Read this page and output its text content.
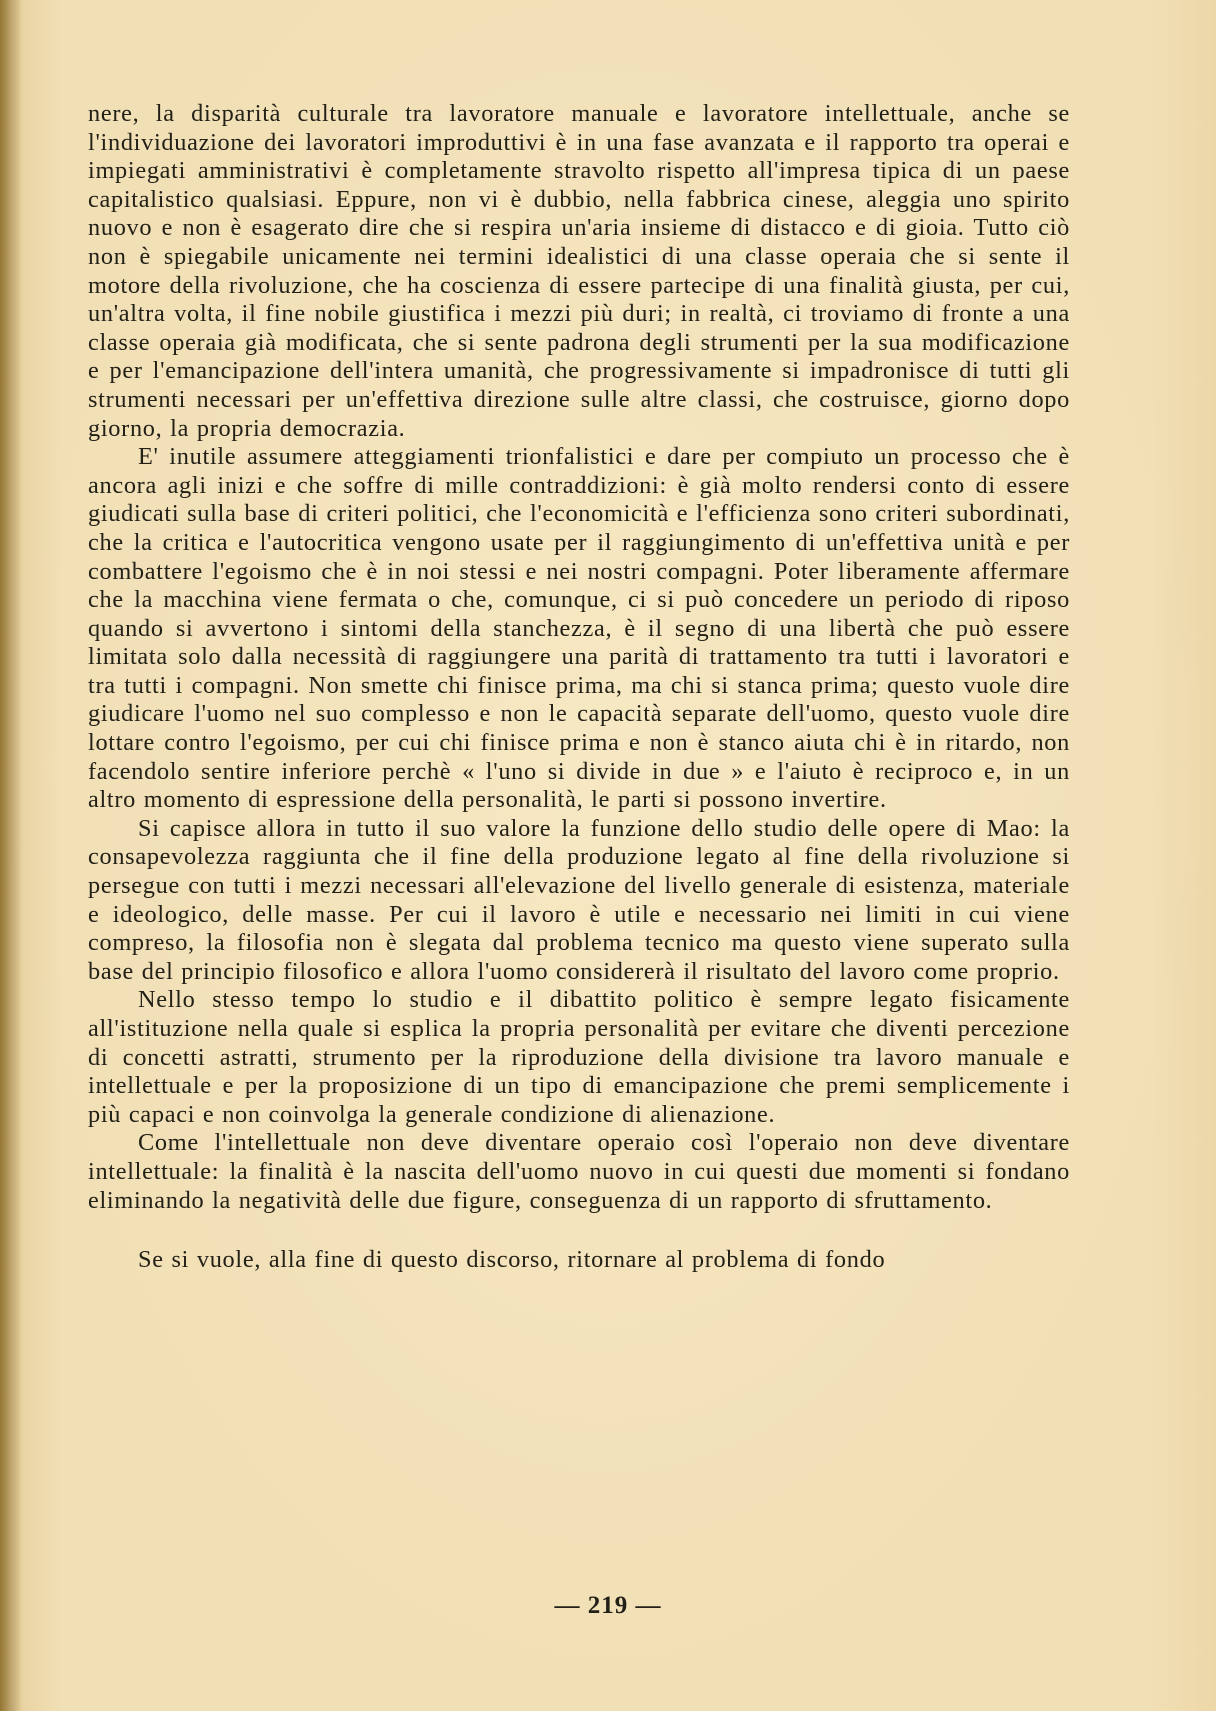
nere, la disparità culturale tra lavoratore manuale e lavoratore intellettuale, anche se l'individuazione dei lavoratori improduttivi è in una fase avanzata e il rapporto tra operai e impiegati amministrativi è completamente stravolto rispetto all'impresa tipica di un paese capitalistico qualsiasi. Eppure, non vi è dubbio, nella fabbrica cinese, aleggia uno spirito nuovo e non è esagerato dire che si respira un'aria insieme di distacco e di gioia. Tutto ciò non è spiegabile unicamente nei termini idealistici di una classe operaia che si sente il motore della rivoluzione, che ha coscienza di essere partecipe di una finalità giusta, per cui, un'altra volta, il fine nobile giustifica i mezzi più duri; in realtà, ci troviamo di fronte a una classe operaia già modificata, che si sente padrona degli strumenti per la sua modificazione e per l'emancipazione dell'intera umanità, che progressivamente si impadronisce di tutti gli strumenti necessari per un'effettiva direzione sulle altre classi, che costruisce, giorno dopo giorno, la propria democrazia.

E' inutile assumere atteggiamenti trionfalistici e dare per compiuto un processo che è ancora agli inizi e che soffre di mille contraddizioni: è già molto rendersi conto di essere giudicati sulla base di criteri politici, che l'economicità e l'efficienza sono criteri subordinati, che la critica e l'autocritica vengono usate per il raggiungimento di un'effettiva unità e per combattere l'egoismo che è in noi stessi e nei nostri compagni. Poter liberamente affermare che la macchina viene fermata o che, comunque, ci si può concedere un periodo di riposo quando si avvertono i sintomi della stanchezza, è il segno di una libertà che può essere limitata solo dalla necessità di raggiungere una parità di trattamento tra tutti i lavoratori e tra tutti i compagni. Non smette chi finisce prima, ma chi si stanca prima; questo vuole dire giudicare l'uomo nel suo complesso e non le capacità separate dell'uomo, questo vuole dire lottare contro l'egoismo, per cui chi finisce prima e non è stanco aiuta chi è in ritardo, non facendolo sentire inferiore perchè « l'uno si divide in due » e l'aiuto è reciproco e, in un altro momento di espressione della personalità, le parti si possono invertire.

Si capisce allora in tutto il suo valore la funzione dello studio delle opere di Mao: la consapevolezza raggiunta che il fine della produzione legato al fine della rivoluzione si persegue con tutti i mezzi necessari all'elevazione del livello generale di esistenza, materiale e ideologico, delle masse. Per cui il lavoro è utile e necessario nei limiti in cui viene compreso, la filosofia non è slegata dal problema tecnico ma questo viene superato sulla base del principio filosofico e allora l'uomo considererà il risultato del lavoro come proprio.

Nello stesso tempo lo studio e il dibattito politico è sempre legato fisicamente all'istituzione nella quale si esplica la propria personalità per evitare che diventi percezione di concetti astratti, strumento per la riproduzione della divisione tra lavoro manuale e intellettuale e per la proposizione di un tipo di emancipazione che premi semplicemente i più capaci e non coinvolga la generale condizione di alienazione.

Come l'intellettuale non deve diventare operaio così l'operaio non deve diventare intellettuale: la finalità è la nascita dell'uomo nuovo in cui questi due momenti si fondano eliminando la negatività delle due figure, conseguenza di un rapporto di sfruttamento.

Se si vuole, alla fine di questo discorso, ritornare al problema di fondo

— 219 —
